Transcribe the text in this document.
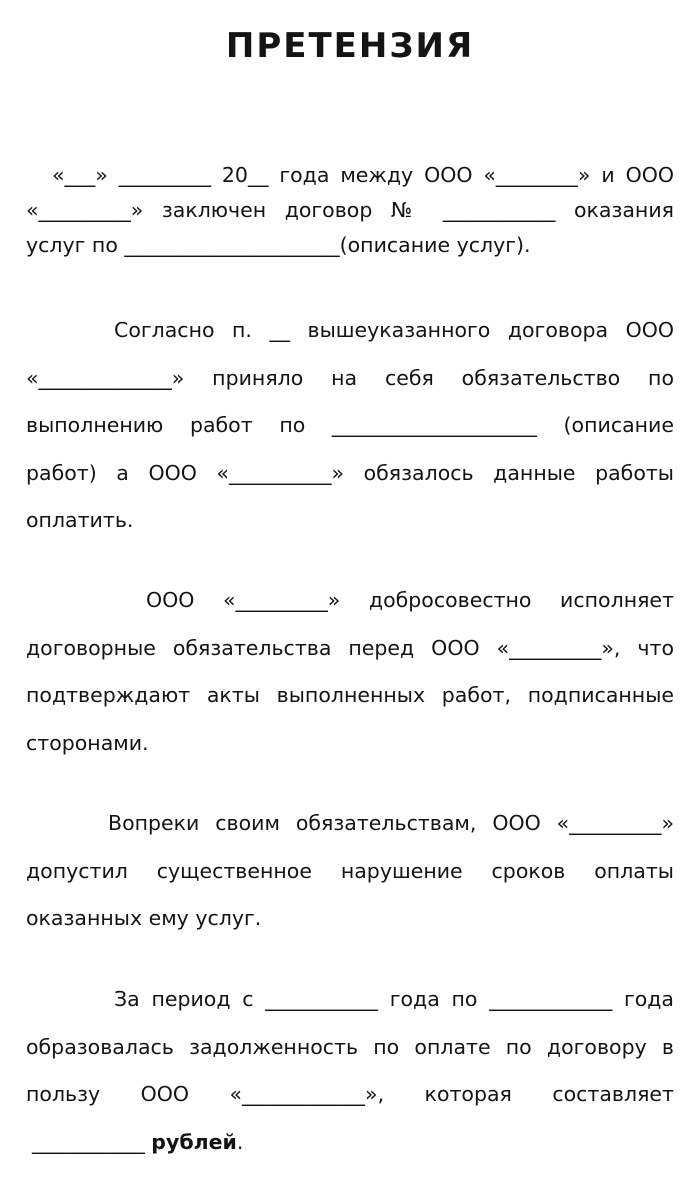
ПРЕТЕНЗИЯ
«___» _________ 20__ года между ООО «________» и ООО
«_________» заключен договор № ___________ оказания
услуг по _____________________(описание услуг).
Согласно п. __ вышеуказанного договора ООО
«_____________» приняло на себя обязательство по
выполнению работ по ____________________ (описание
работ) а ООО «__________» обязалось данные работы
оплатить.
ООО «_________» добросовестно исполняет
договорные обязательства перед ООО «_________», что
подтверждают акты выполненных работ, подписанные
сторонами.
Вопреки своим обязательствам, ООО «_________»
допустил существенное нарушение сроков оплаты
оказанных ему услуг.
За период с ___________ года по ____________ года
образовалась задолженность по оплате по договору в
пользу ООО «____________», которая составляет
___________ рублей.
